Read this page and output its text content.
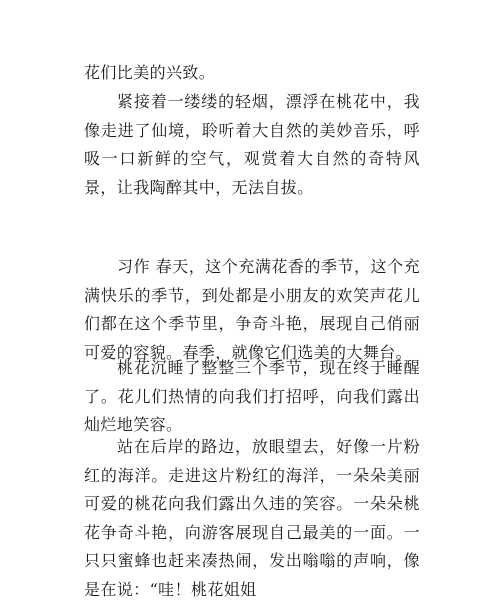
花们比美的兴致。

紧接着一缕缕的轻烟，漂浮在桃花中，我像走进了仙境，聆听着大自然的美妙音乐，呼吸一口新鲜的空气，观赏着大自然的奇特风景，让我陶醉其中，无法自拔。

习作 春天，这个充满花香的季节，这个充满快乐的季节，到处都是小朋友的欢笑声花儿们都在这个季节里，争奇斗艳，展现自己俏丽可爱的容貌。春季，就像它们选美的大舞台。

桃花沉睡了整整三个季节，现在终于睡醒了。花儿们热情的向我们打招呼，向我们露出灿烂地笑容。

站在后岸的路边，放眼望去，好像一片粉红的海洋。走进这片粉红的海洋，一朵朵美丽可爱的桃花向我们露出久违的笑容。一朵朵桃花争奇斗艳，向游客展现自己最美的一面。一只只蜜蜂也赶来凑热闹，发出嗡嗡的声响，像是在说：“哇！桃花姐姐
